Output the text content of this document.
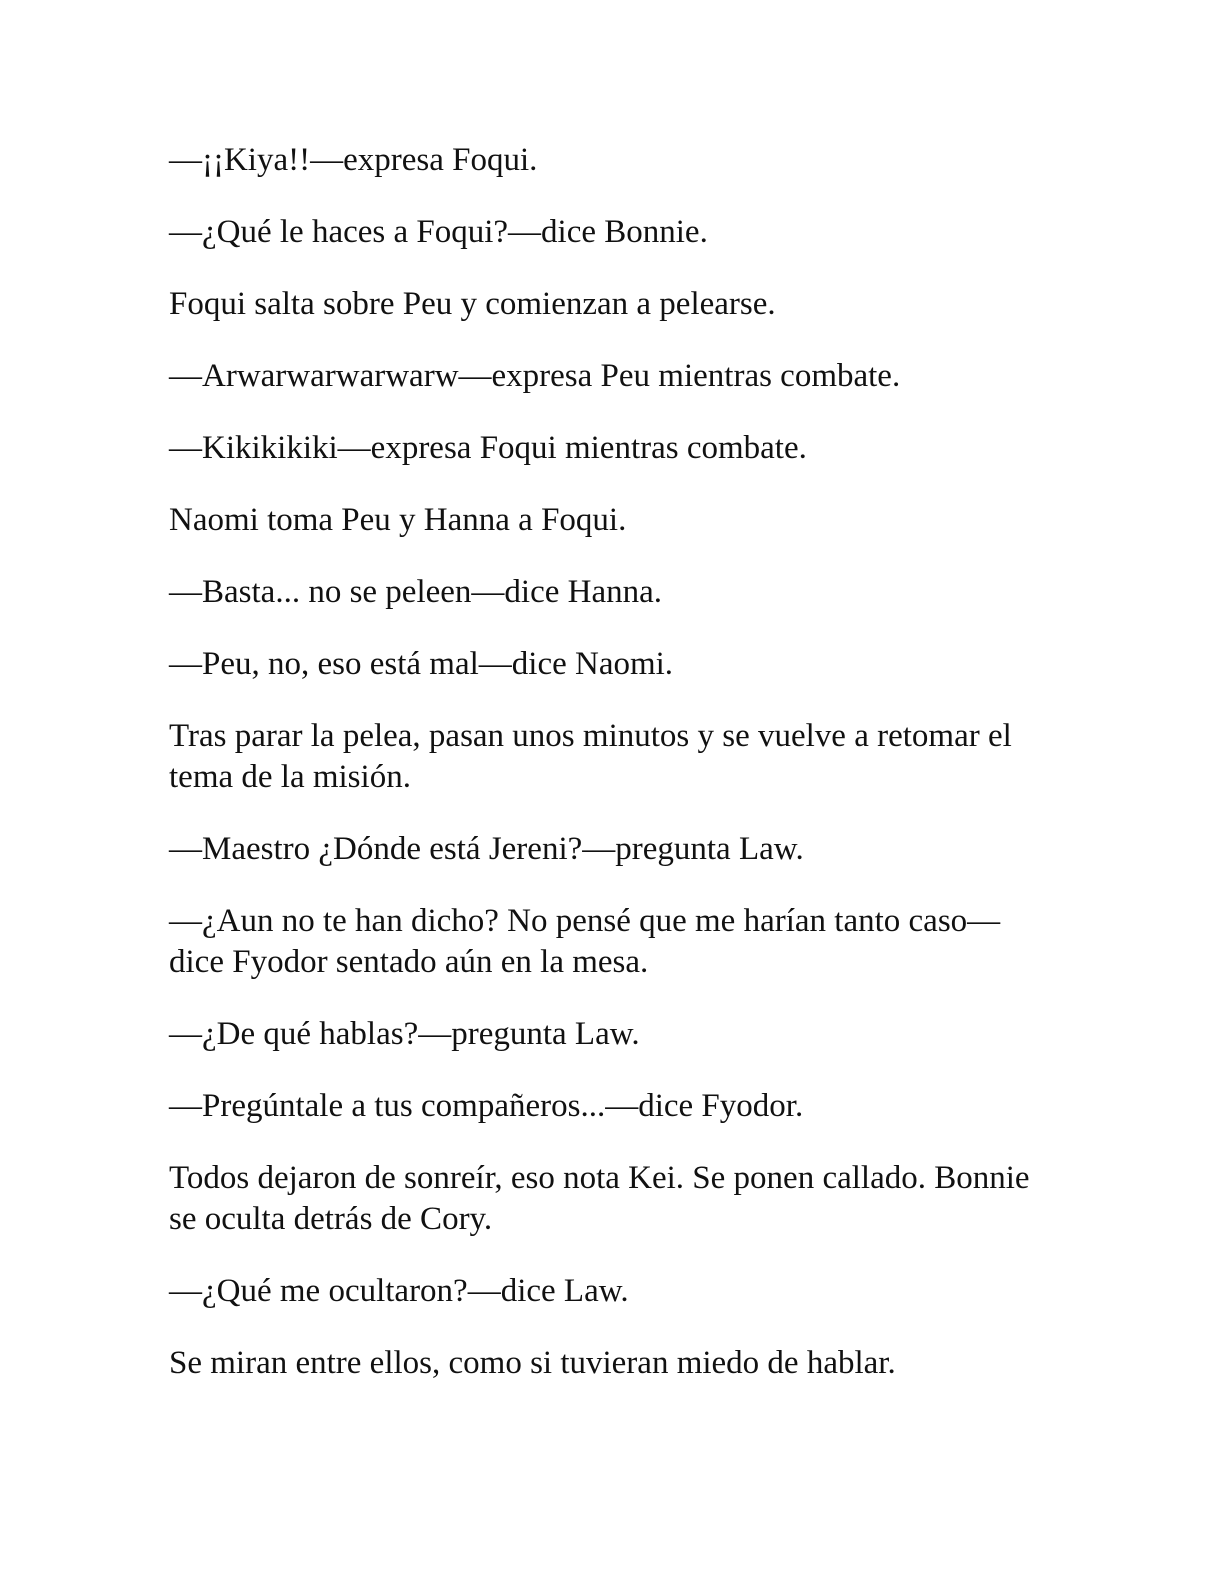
—¡¡Kiya!!—expresa Foqui.

—¿Qué le haces a Foqui?—dice Bonnie.

Foqui salta sobre Peu y comienzan a pelearse.

—Arwarwarwarwarw—expresa Peu mientras combate.

—Kikikikiki—expresa Foqui mientras combate.

Naomi toma Peu y Hanna a Foqui.

—Basta... no se peleen—dice Hanna.

—Peu, no, eso está mal—dice Naomi.

Tras parar la pelea, pasan unos minutos y se vuelve a retomar el tema de la misión.

—Maestro ¿Dónde está Jereni?—pregunta Law.

—¿Aun no te han dicho? No pensé que me harían tanto caso—dice Fyodor sentado aún en la mesa.

—¿De qué hablas?—pregunta Law.

—Pregúntale a tus compañeros...—dice Fyodor.

Todos dejaron de sonreír, eso nota Kei. Se ponen callado. Bonnie se oculta detrás de Cory.

—¿Qué me ocultaron?—dice Law.

Se miran entre ellos, como si tuvieran miedo de hablar.
